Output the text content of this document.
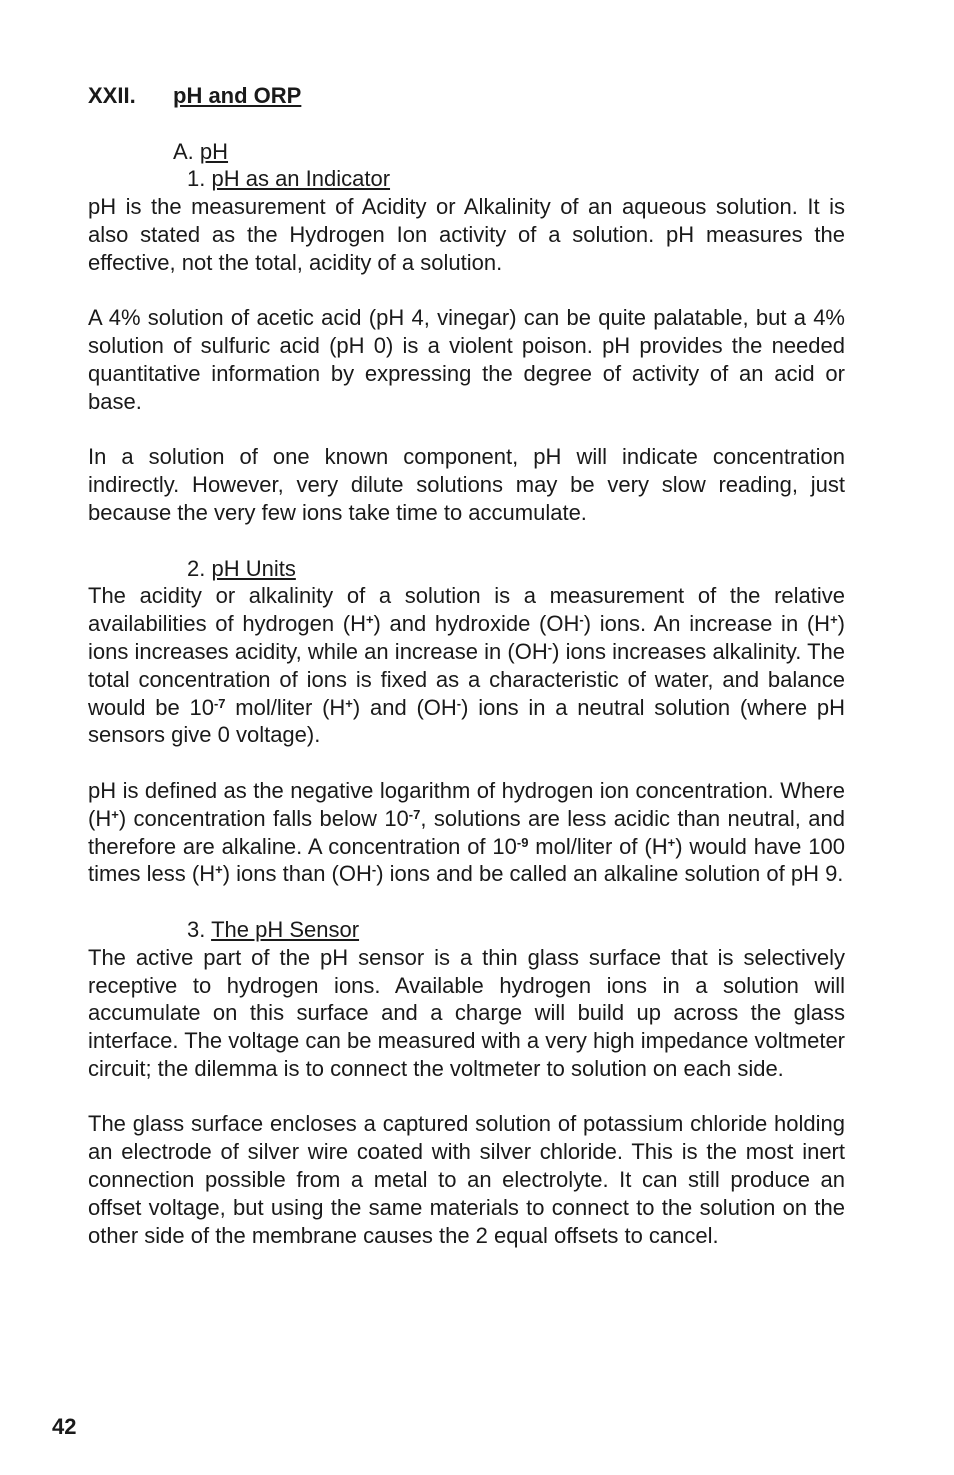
XXII.	pH and ORP
A. pH
1. pH as an Indicator

pH is the measurement of Acidity or Alkalinity of an aqueous solution. It is also stated as the Hydrogen Ion activity of a solution. pH measures the effective, not the total, acidity of a solution.

A 4% solution of acetic acid (pH 4, vinegar) can be quite palatable, but a 4% solution of sulfuric acid (pH 0) is a violent poison. pH provides the needed quantitative information by expressing the degree of activity of an acid or base.

In a solution of one known component, pH will indicate concentration indirectly. However, very dilute solutions may be very slow reading, just because the very few ions take time to accumulate.

2. pH Units

The acidity or alkalinity of a solution is a measurement of the relative availabilities of hydrogen (H+) and hydroxide (OH-) ions. An increase in (H+) ions increases acidity, while an increase in (OH-) ions increases alkalinity. The total concentration of ions is fixed as a characteristic of water, and balance would be $10^{-7}$ mol/liter (H+) and (OH-) ions in a neutral solution (where pH sensors give 0 voltage).

pH is defined as the negative logarithm of hydrogen ion concentration. Where (H+) concentration falls below $10^{-7}$, solutions are less acidic than neutral, and therefore are alkaline. A concentration of $10^{-9}$ mol/liter of (H+) would have 100 times less (H+) ions than (OH-) ions and be called an alkaline solution of pH 9.

3. The pH Sensor

The active part of the pH sensor is a thin glass surface that is selectively receptive to hydrogen ions. Available hydrogen ions in a solution will accumulate on this surface and a charge will build up across the glass interface. The voltage can be measured with a very high impedance voltmeter circuit; the dilemma is to connect the voltmeter to solution on each side.

The glass surface encloses a captured solution of potassium chloride holding an electrode of silver wire coated with silver chloride. This is the most inert connection possible from a metal to an electrolyte. It can still produce an offset voltage, but using the same materials to connect to the solution on the other side of the membrane causes the 2 equal offsets to cancel.

42
